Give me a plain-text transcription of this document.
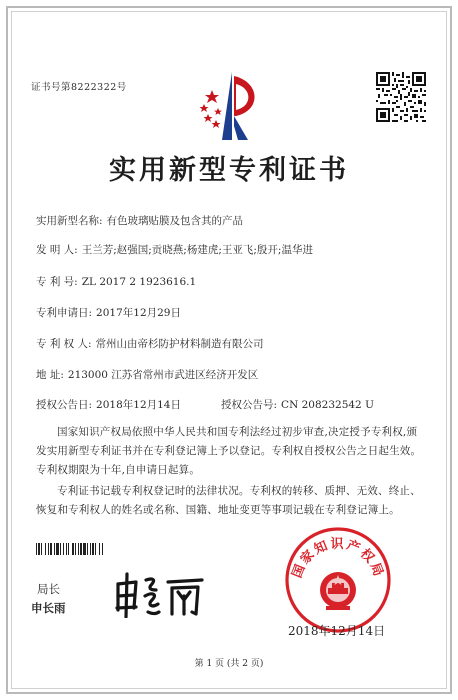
证书号第8222322号
实用新型专利证书
实用新型名称: 有色玻璃贴膜及包含其的产品
发 明 人: 王兰芳;赵强国;贡晓燕;杨建虎;王亚飞;殷开;温华进
专 利 号: ZL 2017 2 1923616.1
专利申请日: 2017年12月29日
专 利 权 人: 常州山由帝杉防护材料制造有限公司
地 址: 213000 江苏省常州市武进区经济开发区
授权公告日: 2018年12月14日	授权公告号: CN 208232542 U
国家知识产权局依照中华人民共和国专利法经过初步审查,决定授予专利权,颁发实用新型专利证书并在专利登记簿上予以登记。专利权自授权公告之日起生效。专利权期限为十年,自申请日起算。
专利证书记载专利权登记时的法律状况。专利权的转移、质押、无效、终止、恢复和专利权人的姓名或名称、国籍、地址变更等事项记载在专利登记簿上。
局长
申长雨
国家知识产权局
2018年12月14日
第 1 页 (共 2 页)
